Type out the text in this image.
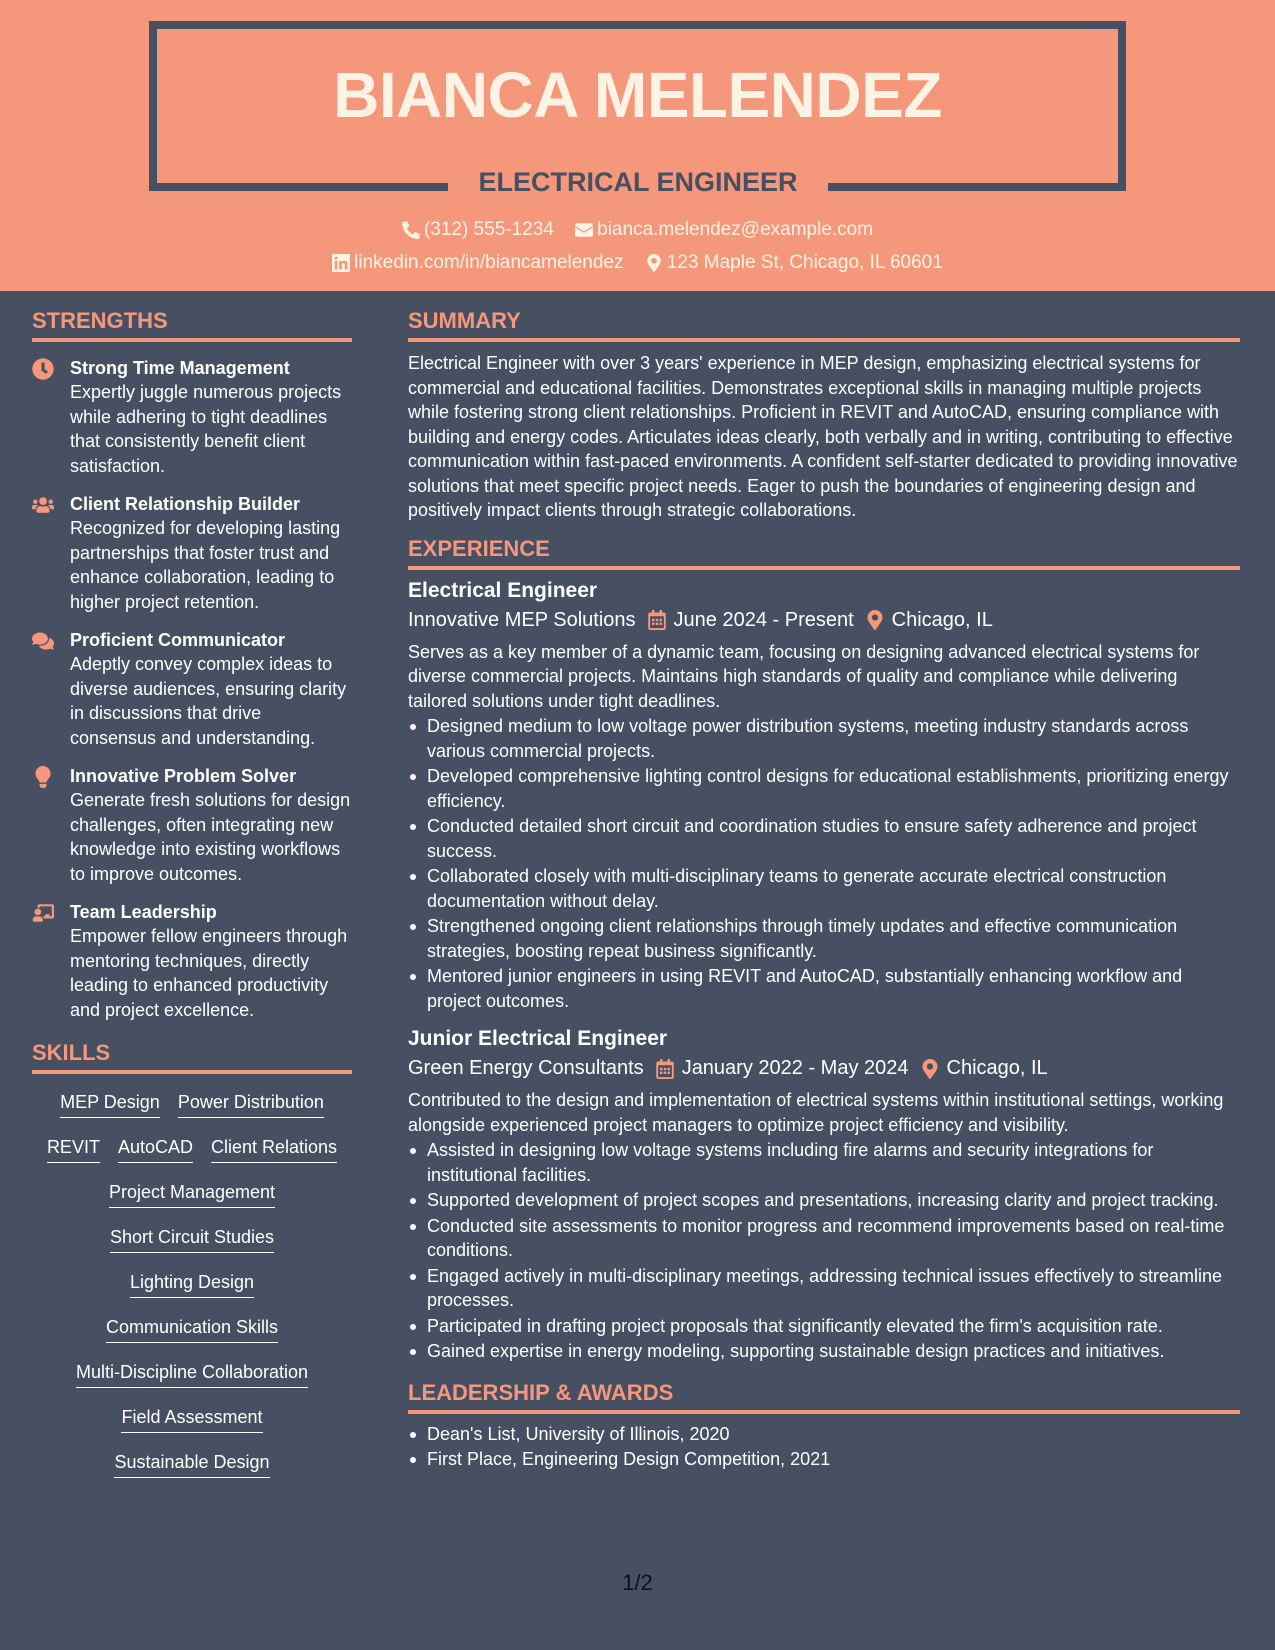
BIANCA MELENDEZ
ELECTRICAL ENGINEER
(312) 555-1234
bianca.melendez@example.com
linkedin.com/in/biancamelendez
123 Maple St, Chicago, IL 60601
STRENGTHS
Strong Time Management
Expertly juggle numerous projects while adhering to tight deadlines that consistently benefit client satisfaction.
Client Relationship Builder
Recognized for developing lasting partnerships that foster trust and enhance collaboration, leading to higher project retention.
Proficient Communicator
Adeptly convey complex ideas to diverse audiences, ensuring clarity in discussions that drive consensus and understanding.
Innovative Problem Solver
Generate fresh solutions for design challenges, often integrating new knowledge into existing workflows to improve outcomes.
Team Leadership
Empower fellow engineers through mentoring techniques, directly leading to enhanced productivity and project excellence.
SKILLS
MEP Design Power Distribution
REVIT AutoCAD Client Relations
Project Management
Short Circuit Studies
Lighting Design
Communication Skills
Multi-Discipline Collaboration
Field Assessment
Sustainable Design
SUMMARY
Electrical Engineer with over 3 years' experience in MEP design, emphasizing electrical systems for commercial and educational facilities. Demonstrates exceptional skills in managing multiple projects while fostering strong client relationships. Proficient in REVIT and AutoCAD, ensuring compliance with building and energy codes. Articulates ideas clearly, both verbally and in writing, contributing to effective communication within fast-paced environments. A confident self-starter dedicated to providing innovative solutions that meet specific project needs. Eager to push the boundaries of engineering design and positively impact clients through strategic collaborations.
EXPERIENCE
Electrical Engineer
Innovative MEP Solutions June 2024 - Present Chicago, IL
Serves as a key member of a dynamic team, focusing on designing advanced electrical systems for diverse commercial projects. Maintains high standards of quality and compliance while delivering tailored solutions under tight deadlines.
Designed medium to low voltage power distribution systems, meeting industry standards across various commercial projects.
Developed comprehensive lighting control designs for educational establishments, prioritizing energy efficiency.
Conducted detailed short circuit and coordination studies to ensure safety adherence and project success.
Collaborated closely with multi-disciplinary teams to generate accurate electrical construction documentation without delay.
Strengthened ongoing client relationships through timely updates and effective communication strategies, boosting repeat business significantly.
Mentored junior engineers in using REVIT and AutoCAD, substantially enhancing workflow and project outcomes.
Junior Electrical Engineer
Green Energy Consultants January 2022 - May 2024 Chicago, IL
Contributed to the design and implementation of electrical systems within institutional settings, working alongside experienced project managers to optimize project efficiency and visibility.
Assisted in designing low voltage systems including fire alarms and security integrations for institutional facilities.
Supported development of project scopes and presentations, increasing clarity and project tracking.
Conducted site assessments to monitor progress and recommend improvements based on real-time conditions.
Engaged actively in multi-disciplinary meetings, addressing technical issues effectively to streamline processes.
Participated in drafting project proposals that significantly elevated the firm's acquisition rate.
Gained expertise in energy modeling, supporting sustainable design practices and initiatives.
LEADERSHIP & AWARDS
Dean's List, University of Illinois, 2020
First Place, Engineering Design Competition, 2021
1/2
